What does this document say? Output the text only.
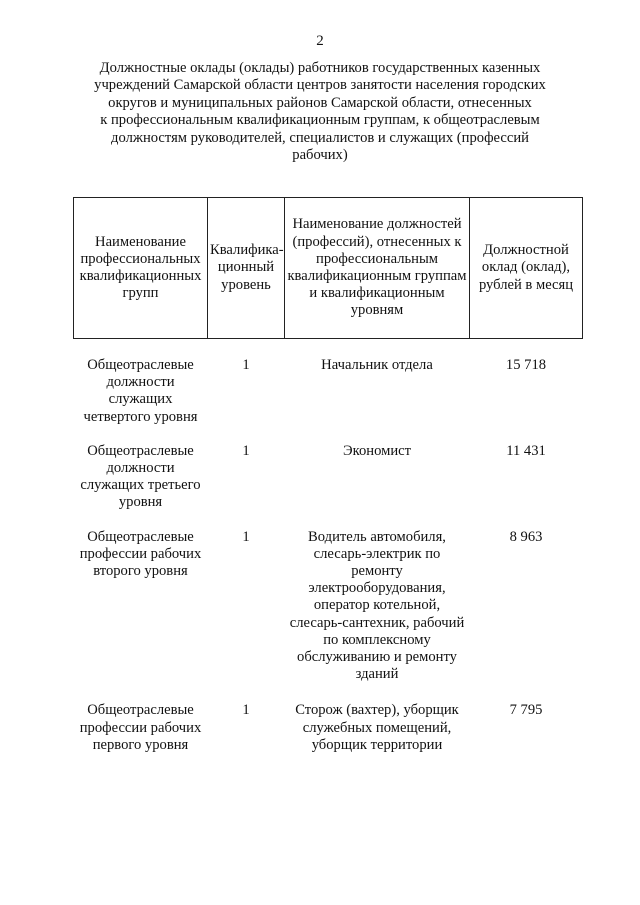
2
Должностные оклады (оклады) работников государственных казенных
учреждений Самарской области центров занятости населения городских
округов и муниципальных районов Самарской области, отнесенных
к профессиональным квалификационным группам, к общеотраслевым
должностям руководителей, специалистов и служащих (профессий
рабочих)
Наименование профессиональных квалификационных групп	Квалифика-ционный уровень	Наименование должностей (профессий), отнесенных к профессиональным квалификационным группам и квалификационным уровням	Должностной оклад (оклад), рублей в месяц
Общеотраслевые должности служащих четвертого уровня	1	Начальник отдела	15 718
Общеотраслевые должности служащих третьего уровня	1	Экономист	11 431
Общеотраслевые профессии рабочих второго уровня	1	Водитель автомобиля, слесарь-электрик по ремонту электрооборудования, оператор котельной, слесарь-сантехник, рабочий по комплексному обслуживанию и ремонту зданий	8 963
Общеотраслевые профессии рабочих первого уровня	1	Сторож (вахтер), уборщик служебных помещений, уборщик территории	7 795
